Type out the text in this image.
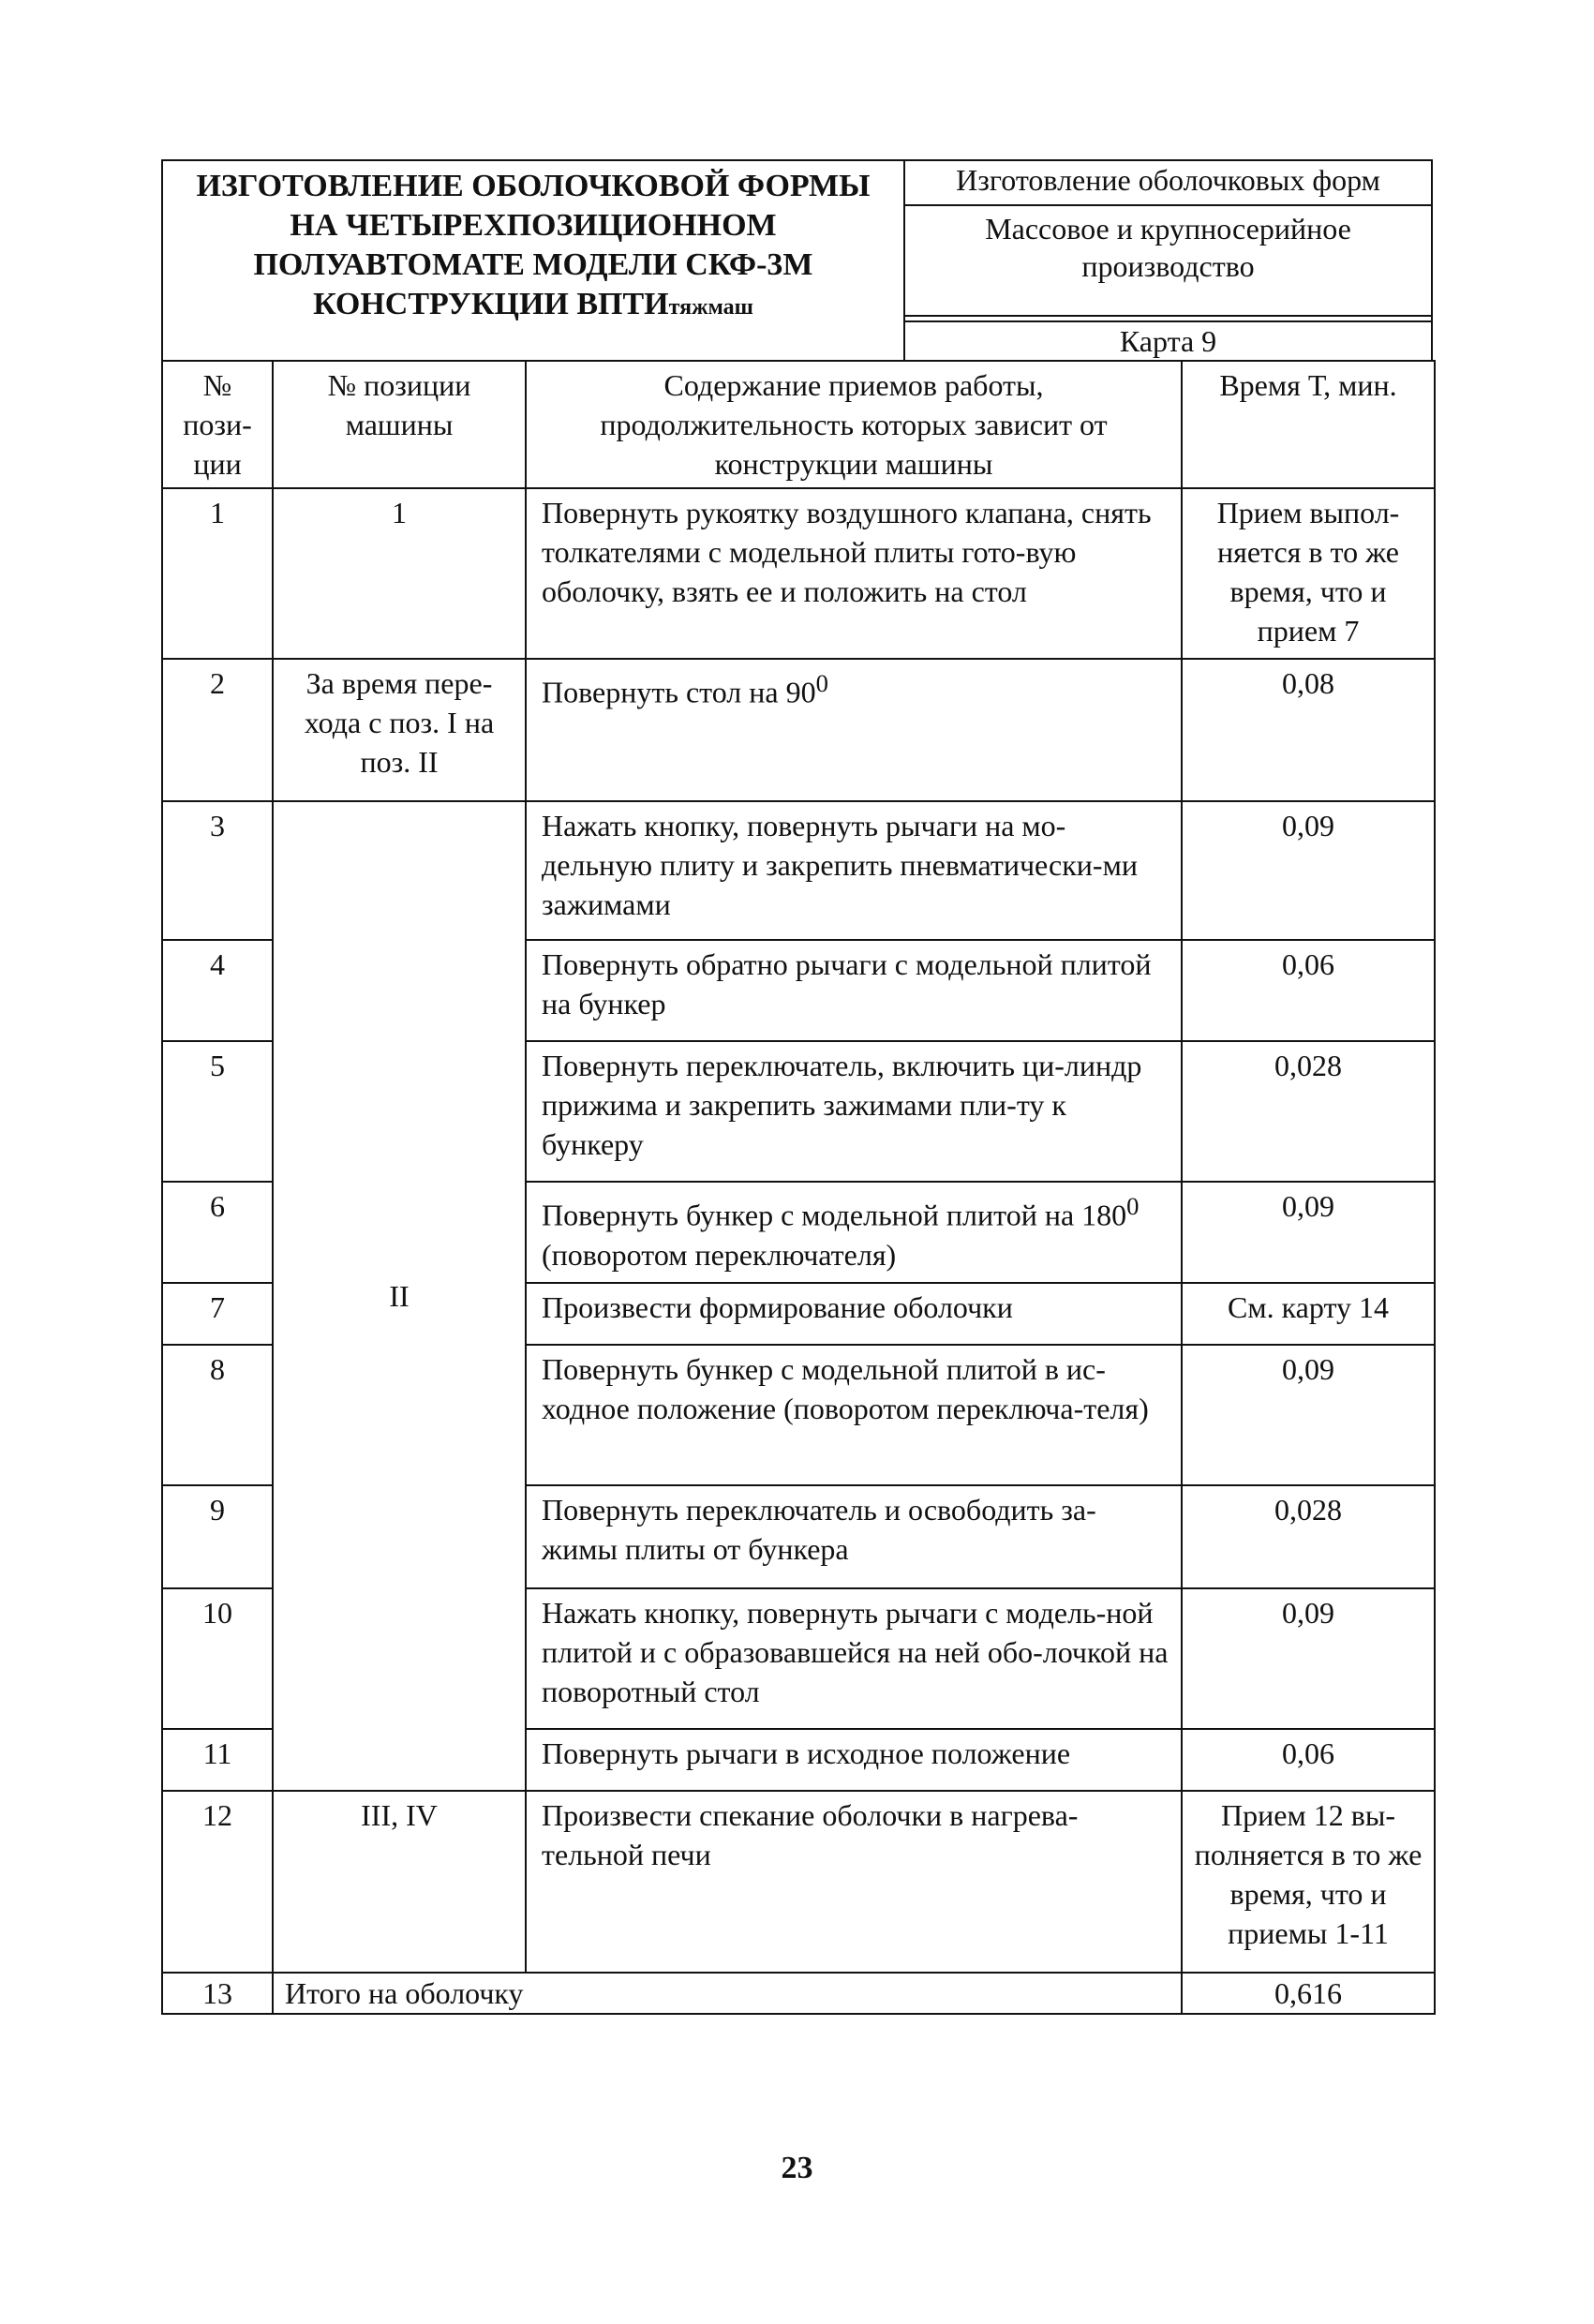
ИЗГОТОВЛЕНИЕ ОБОЛОЧКОВОЙ ФОРМЫ
НА ЧЕТЫРЕХПОЗИЦИОННОМ
ПОЛУАВТОМАТЕ МОДЕЛИ СКФ-3М
КОНСТРУКЦИИ ВПТИтяжмаш
	Изготовление оболочковых форм
Массовое и крупносерийное производство

Карта 9
№ пози-ции	№ позиции машины	Содержание приемов работы, продолжительность которых зависит от конструкции машины	Время Т, мин.
1	1	Повернуть рукоятку воздушного клапана, снять толкателями с модельной плиты гото-вую оболочку, взять ее и положить на стол	Прием выпол-няется в то же время, что и прием 7
2	За время пере-хода с поз. I на поз. II	Повернуть стол на $90^0$	0,08
3	II	Нажать кнопку, повернуть рычаги на мо-дельную плиту и закрепить пневматически-ми зажимами	0,09
4		Повернуть обратно рычаги с модельной плитой на бункер	0,06
5		Повернуть переключатель, включить ци-линдр прижима и закрепить зажимами пли-ту к бункеру	0,028
6		Повернуть бункер с модельной плитой на $180^0$ (поворотом переключателя)	0,09
7		Произвести формирование оболочки	См. карту 14
8		Повернуть бункер с модельной плитой в ис-ходное положение (поворотом переключа-теля)	0,09
9		Повернуть переключатель и освободить за-жимы плиты от бункера	0,028
10		Нажать кнопку, повернуть рычаги с модель-ной плитой и с образовавшейся на ней обо-лочкой на поворотный стол	0,09
11		Повернуть рычаги в исходное положение	0,06
12	III, IV	Произвести спекание оболочки в нагрева-тельной печи	Прием 12 вы-полняется в то же время, что и приемы 1-11
13	Итого на оболочку		0,616
23
